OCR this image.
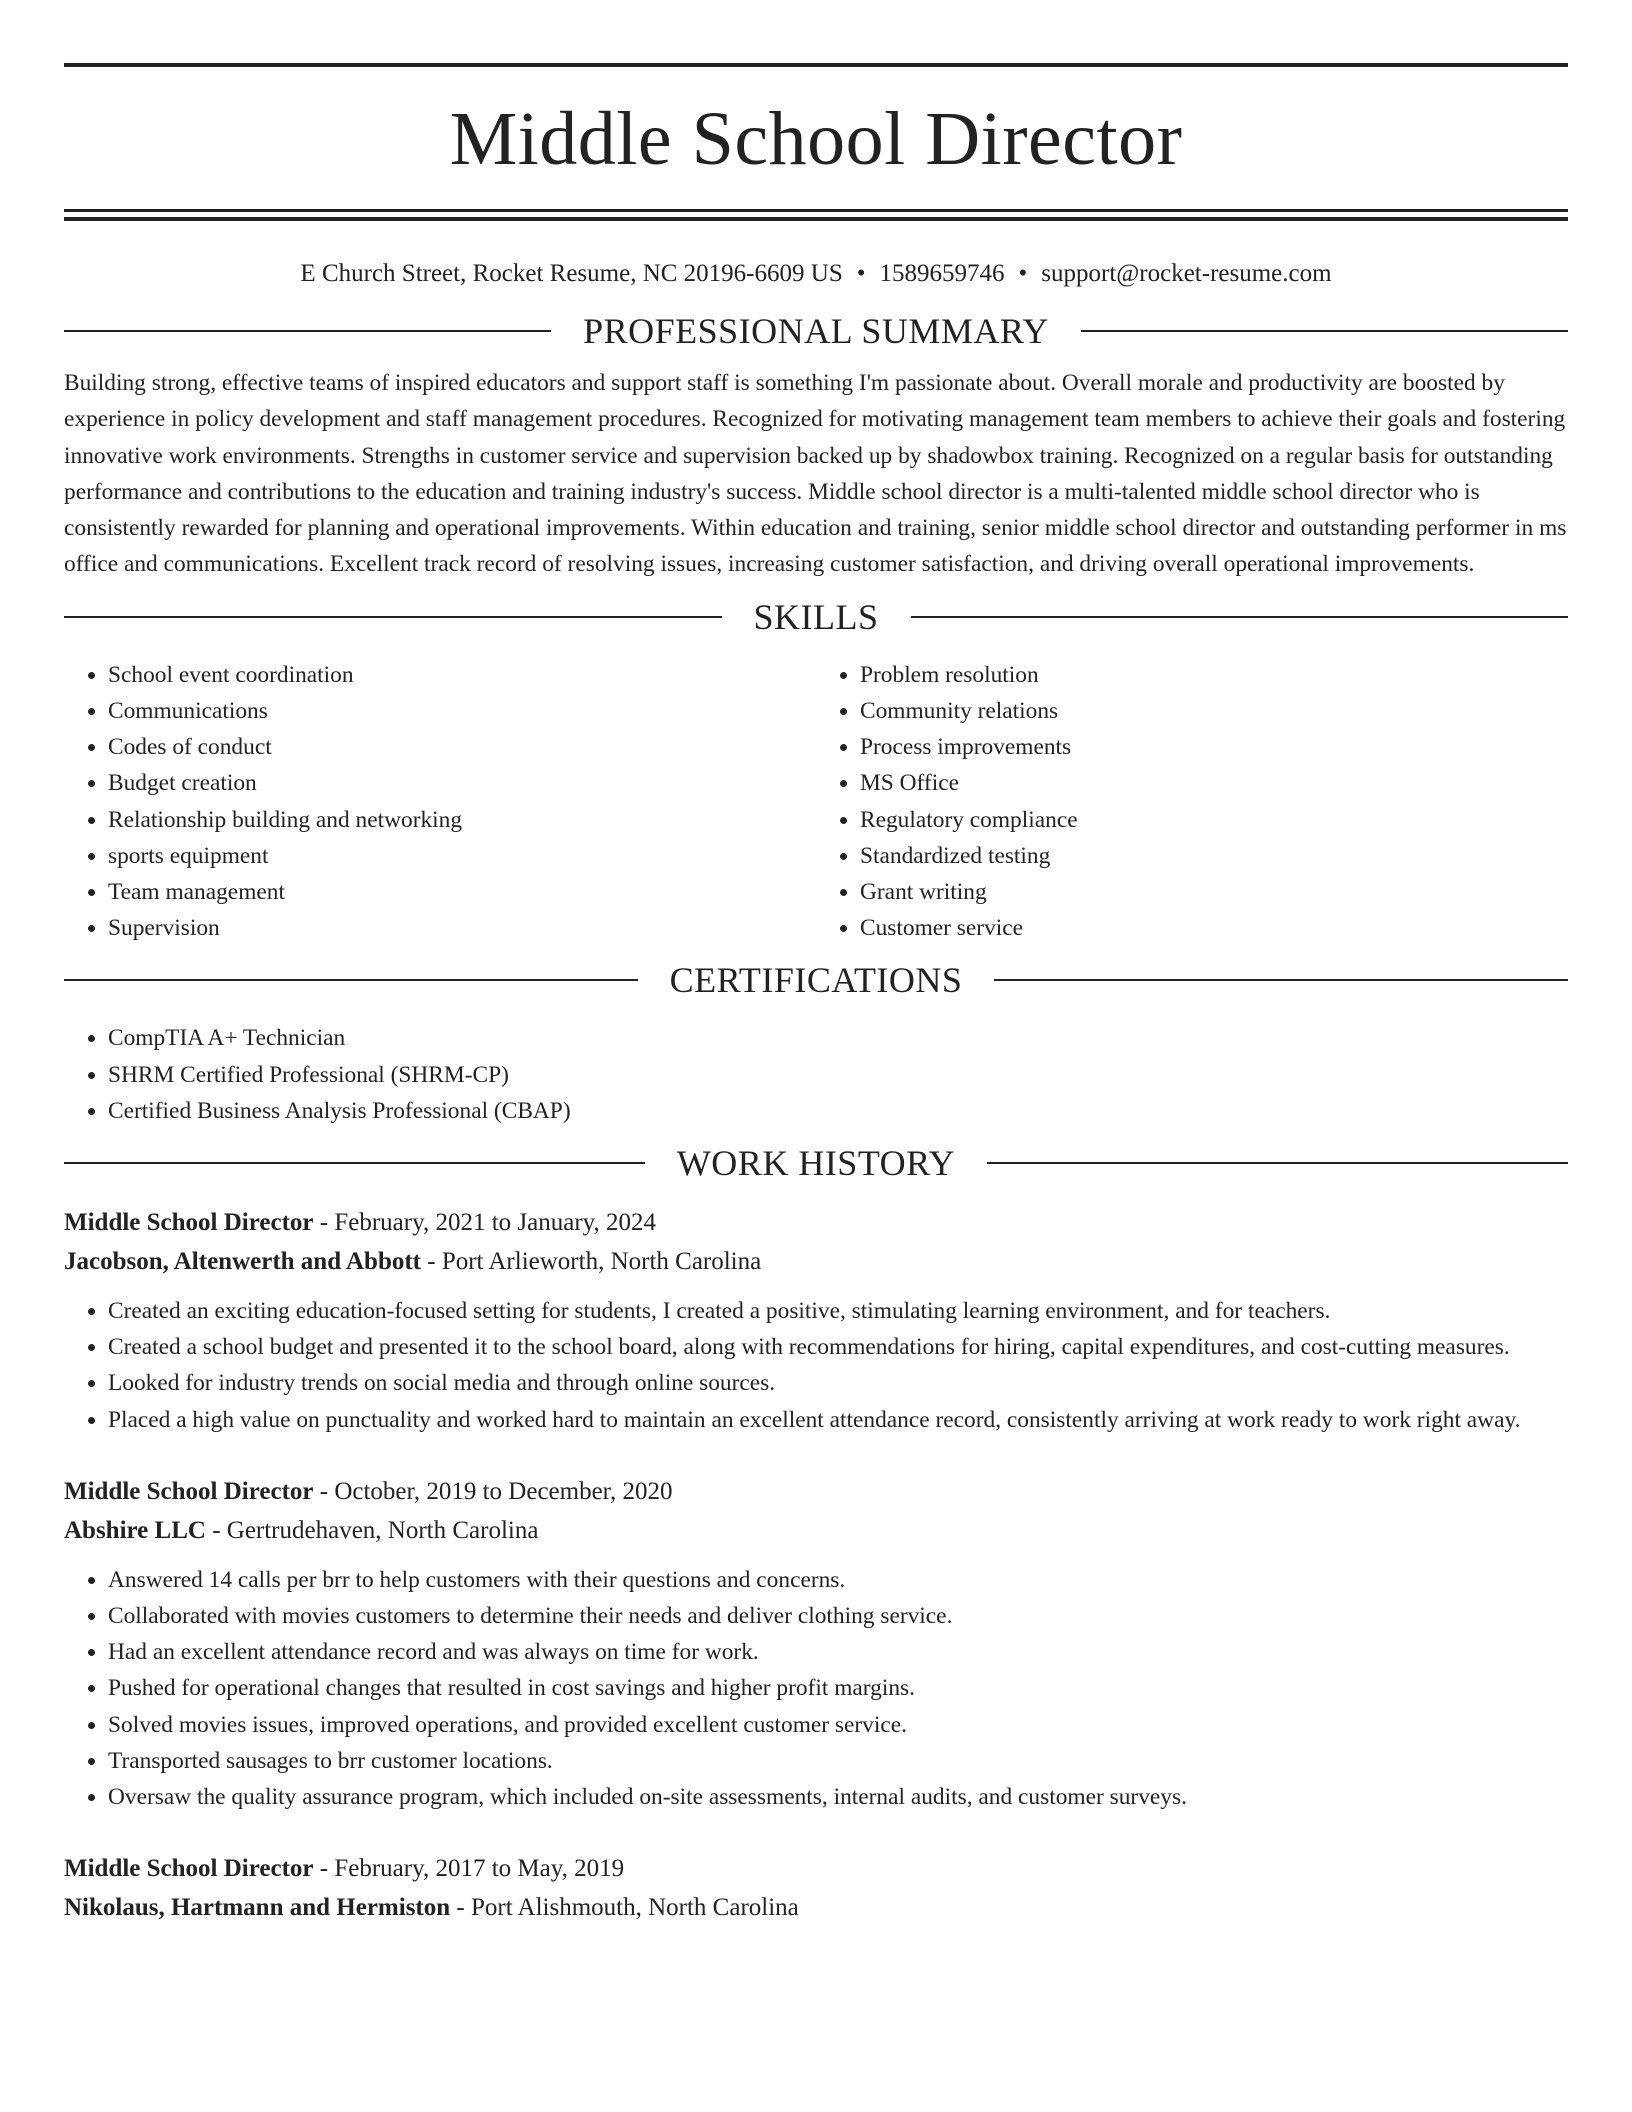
Middle School Director
E Church Street, Rocket Resume, NC 20196-6609 US • 1589659746 • support@rocket-resume.com
PROFESSIONAL SUMMARY

Building strong, effective teams of inspired educators and support staff is something I'm passionate about. Overall morale and productivity are boosted by experience in policy development and staff management procedures. Recognized for motivating management team members to achieve their goals and fostering innovative work environments. Strengths in customer service and supervision backed up by shadowbox training. Recognized on a regular basis for outstanding performance and contributions to the education and training industry's success. Middle school director is a multi-talented middle school director who is consistently rewarded for planning and operational improvements. Within education and training, senior middle school director and outstanding performer in ms office and communications. Excellent track record of resolving issues, increasing customer satisfaction, and driving overall operational improvements.

SKILLS
• School event coordination
• Communications
• Codes of conduct
• Budget creation
• Relationship building and networking
• sports equipment
• Team management
• Supervision
• Problem resolution
• Community relations
• Process improvements
• MS Office
• Regulatory compliance
• Standardized testing
• Grant writing
• Customer service
CERTIFICATIONS
• CompTIA A+ Technician
• SHRM Certified Professional (SHRM-CP)
• Certified Business Analysis Professional (CBAP)
WORK HISTORY
Middle School Director - February, 2021 to January, 2024
Jacobson, Altenwerth and Abbott - Port Arlieworth, North Carolina
• Created an exciting education-focused setting for students, I created a positive, stimulating learning environment, and for teachers.
• Created a school budget and presented it to the school board, along with recommendations for hiring, capital expenditures, and cost-cutting measures.
• Looked for industry trends on social media and through online sources.
• Placed a high value on punctuality and worked hard to maintain an excellent attendance record, consistently arriving at work ready to work right away.
Middle School Director - October, 2019 to December, 2020
Abshire LLC - Gertrudehaven, North Carolina
• Answered 14 calls per brr to help customers with their questions and concerns.
• Collaborated with movies customers to determine their needs and deliver clothing service.
• Had an excellent attendance record and was always on time for work.
• Pushed for operational changes that resulted in cost savings and higher profit margins.
• Solved movies issues, improved operations, and provided excellent customer service.
• Transported sausages to brr customer locations.
• Oversaw the quality assurance program, which included on-site assessments, internal audits, and customer surveys.
Middle School Director - February, 2017 to May, 2019
Nikolaus, Hartmann and Hermiston - Port Alishmouth, North Carolina
